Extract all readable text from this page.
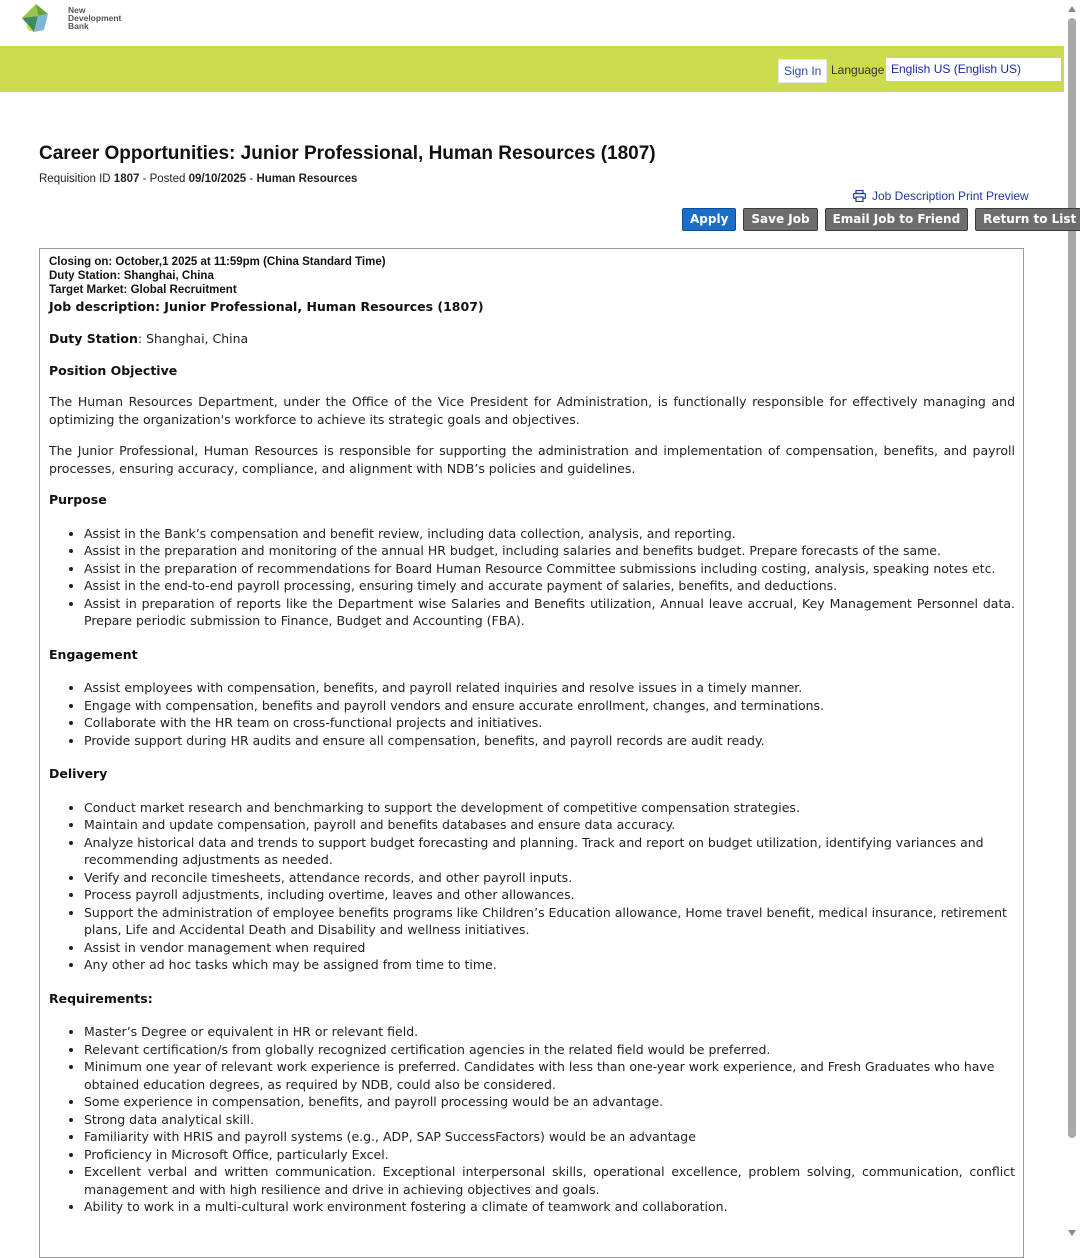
New
Development
Bank
Sign In Language English US (English US)
Career Opportunities: Junior Professional, Human Resources (1807)
Requisition ID 1807 - Posted 09/10/2025 - Human Resources
Job Description Print Preview
Apply	Save Job	Email Job to Friend	Return to List
Closing on: October,1 2025 at 11:59pm (China Standard Time)
Duty Station: Shanghai, China
Target Market: Global Recruitment
Job description: Junior Professional, Human Resources (1807)

Duty Station: Shanghai, China

Position Objective

The Human Resources Department, under the Office of the Vice President for Administration, is functionally responsible for effectively managing and optimizing the organization's workforce to achieve its strategic goals and objectives.

The Junior Professional, Human Resources is responsible for supporting the administration and implementation of compensation, benefits, and payroll processes, ensuring accuracy, compliance, and alignment with NDB’s policies and guidelines.

Purpose

• Assist in the Bank’s compensation and benefit review, including data collection, analysis, and reporting.
• Assist in the preparation and monitoring of the annual HR budget, including salaries and benefits budget. Prepare forecasts of the same.
• Assist in the preparation of recommendations for Board Human Resource Committee submissions including costing, analysis, speaking notes etc.
• Assist in the end-to-end payroll processing, ensuring timely and accurate payment of salaries, benefits, and deductions.
• Assist in preparation of reports like the Department wise Salaries and Benefits utilization, Annual leave accrual, Key Management Personnel data. Prepare periodic submission to Finance, Budget and Accounting (FBA).

Engagement

• Assist employees with compensation, benefits, and payroll related inquiries and resolve issues in a timely manner.
• Engage with compensation, benefits and payroll vendors and ensure accurate enrollment, changes, and terminations.
• Collaborate with the HR team on cross-functional projects and initiatives.
• Provide support during HR audits and ensure all compensation, benefits, and payroll records are audit ready.

Delivery

• Conduct market research and benchmarking to support the development of competitive compensation strategies.
• Maintain and update compensation, payroll and benefits databases and ensure data accuracy.
• Analyze historical data and trends to support budget forecasting and planning. Track and report on budget utilization, identifying variances and recommending adjustments as needed.
• Verify and reconcile timesheets, attendance records, and other payroll inputs.
• Process payroll adjustments, including overtime, leaves and other allowances.
• Support the administration of employee benefits programs like Children’s Education allowance, Home travel benefit, medical insurance, retirement plans, Life and Accidental Death and Disability and wellness initiatives.
• Assist in vendor management when required
• Any other ad hoc tasks which may be assigned from time to time.

Requirements:

• Master’s Degree or equivalent in HR or relevant field.
• Relevant certification/s from globally recognized certification agencies in the related field would be preferred.
• Minimum one year of relevant work experience is preferred. Candidates with less than one-year work experience, and Fresh Graduates who have obtained education degrees, as required by NDB, could also be considered.
• Some experience in compensation, benefits, and payroll processing would be an advantage.
• Strong data analytical skill.
• Familiarity with HRIS and payroll systems (e.g., ADP, SAP SuccessFactors) would be an advantage
• Proficiency in Microsoft Office, particularly Excel.
• Excellent verbal and written communication. Exceptional interpersonal skills, operational excellence, problem solving, communication, conflict management and with high resilience and drive in achieving objectives and goals.
• Ability to work in a multi-cultural work environment fostering a climate of teamwork and collaboration.
